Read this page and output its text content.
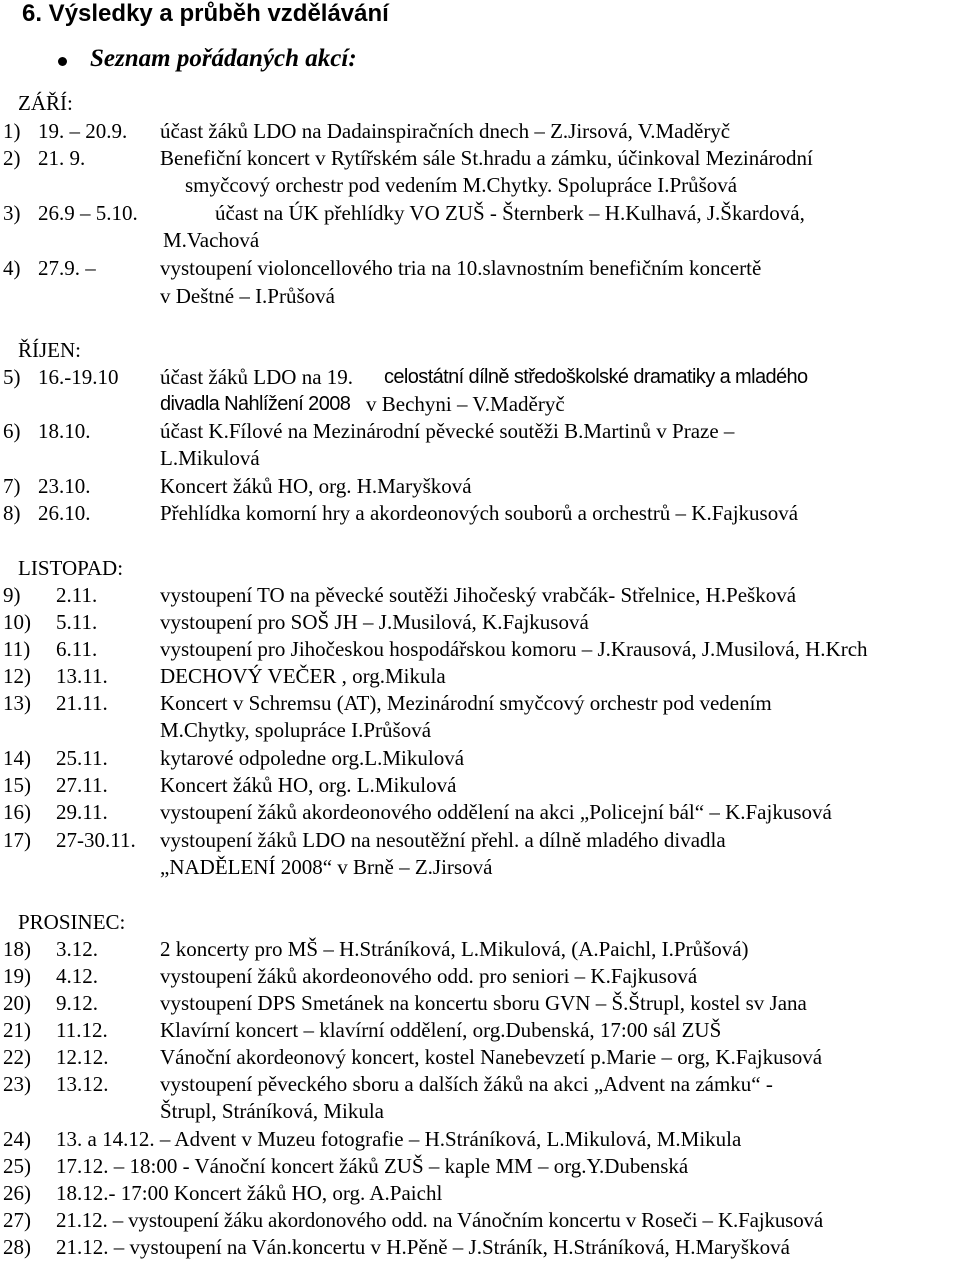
6. Výsledky a průběh vzdělávání
Seznam pořádaných akcí:
ZÁŘÍ:
1) 19. – 20.9. účast žáků LDO na Dadainspiračních dnech – Z.Jirsová, V.Maděryč
2) 21. 9.	Benefiční koncert v Rytířském sále St.hradu a zámku, účinkoval Mezinárodní
smyčcový orchestr pod vedením M.Chytky. Spolupráce I.Průšová
3) 26.9 – 5.10.	účast na ÚK přehlídky VO ZUŠ - Šternberk – H.Kulhavá, J.Škardová,
M.Vachová
4) 27.9. –	vystoupení violoncellového tria na 10.slavnostním benefičním koncertě
v Deštné – I.Průšová
ŘÍJEN:
5) 16.-19.10 účast žáků LDO na 19. celostátní dílně středoškolské dramatiky a mladého
divadla Nahlížení 2008 v Bechyni – V.Maděryč
6) 18.10.	účast K.Fílové na Mezinárodní pěvecké soutěži B.Martinů v Praze –
L.Mikulová
7) 23.10.	Koncert žáků HO, org. H.Maryšková
8) 26.10.	Přehlídka komorní hry a akordeonových souborů a orchestrů – K.Fajkusová
LISTOPAD:
9) 2.11.	vystoupení TO na pěvecké soutěži Jihočeský vrabčák- Střelnice, H.Pešková
10) 5.11.	vystoupení pro SOŠ JH – J.Musilová, K.Fajkusová
11) 6.11.	vystoupení pro Jihočeskou hospodářskou komoru – J.Krausová, J.Musilová, H.Krch
12) 13.11. DECHOVÝ VEČER , org.Mikula
13) 21.11. Koncert v Schremsu (AT), Mezinárodní smyčcový orchestr pod vedením
M.Chytky, spolupráce I.Průšová
14) 25.11. kytarové odpoledne org.L.Mikulová
15) 27.11. Koncert žáků HO, org. L.Mikulová
16) 29.11. vystoupení žáků akordeonového oddělení na akci „Policejní bál“ – K.Fajkusová
17) 27-30.11. vystoupení žáků LDO na nesoutěžní přehl. a dílně mladého divadla
„NADĚLENÍ 2008“ v Brně – Z.Jirsová
PROSINEC:
18) 3.12.	2 koncerty pro MŠ – H.Stráníková, L.Mikulová, (A.Paichl, I.Průšová)
19) 4.12.	vystoupení žáků akordeonového odd. pro seniori – K.Fajkusová
20) 9.12.	vystoupení DPS Smetánek na koncertu sboru GVN – Š.Štrupl, kostel sv Jana
21) 11.12. Klavírní koncert – klavírní oddělení, org.Dubenská, 17:00 sál ZUŠ
22) 12.12. Vánoční akordeonový koncert, kostel Nanebevzetí p.Marie – org, K.Fajkusová
23) 13.12. vystoupení pěveckého sboru a dalších žáků na akci „Advent na zámku“ -
Štrupl, Stráníková, Mikula
24) 13. a 14.12. – Advent v Muzeu fotografie – H.Stráníková, L.Mikulová, M.Mikula
25) 17.12. – 18:00 - Vánoční koncert žáků ZUŠ – kaple MM – org.Y.Dubenská
26) 18.12.- 17:00 Koncert žáků HO, org. A.Paichl
27) 21.12. – vystoupení žáku akordonového odd. na Vánočním koncertu v Roseči – K.Fajkusová
28) 21.12. – vystoupení na Ván.koncertu v H.Pěně – J.Stráník, H.Stráníková, H.Maryšková
